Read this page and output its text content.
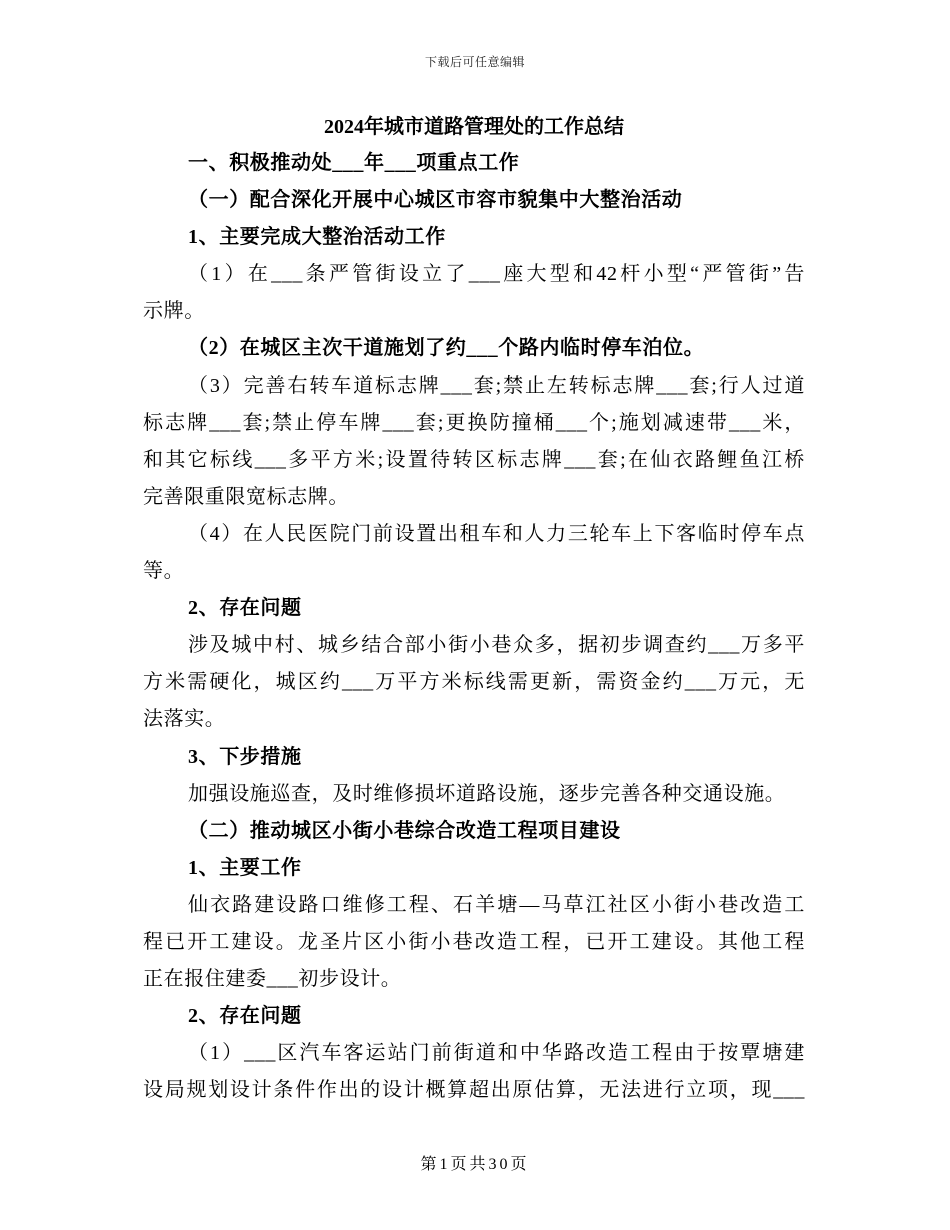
下载后可任意编辑
2024年城市道路管理处的工作总结
一、积极推动处___年___项重点工作
（一）配合深化开展中心城区市容市貌集中大整治活动
1、主要完成大整治活动工作
（1）在___条严管街设立了___座大型和42杆小型“严管街”告
示牌。
（2）在城区主次干道施划了约___个路内临时停车泊位。
（3）完善右转车道标志牌___套;禁止左转标志牌___套;行人过道
标志牌___套;禁止停车牌___套;更换防撞桶___个;施划减速带___米，
和其它标线___多平方米;设置待转区标志牌___套;在仙衣路鲤鱼江桥
完善限重限宽标志牌。
（4）在人民医院门前设置出租车和人力三轮车上下客临时停车点
等。
2、存在问题
涉及城中村、城乡结合部小街小巷众多，据初步调查约___万多平
方米需硬化，城区约___万平方米标线需更新，需资金约___万元，无
法落实。
3、下步措施
加强设施巡查，及时维修损坏道路设施，逐步完善各种交通设施。
（二）推动城区小街小巷综合改造工程项目建设
1、主要工作
仙衣路建设路口维修工程、石羊塘—马草江社区小街小巷改造工
程已开工建设。龙圣片区小街小巷改造工程，已开工建设。其他工程
正在报住建委___初步设计。
2、存在问题
（1）___区汽车客运站门前街道和中华路改造工程由于按覃塘建
设局规划设计条件作出的设计概算超出原估算，无法进行立项，现___
第1页共30页
